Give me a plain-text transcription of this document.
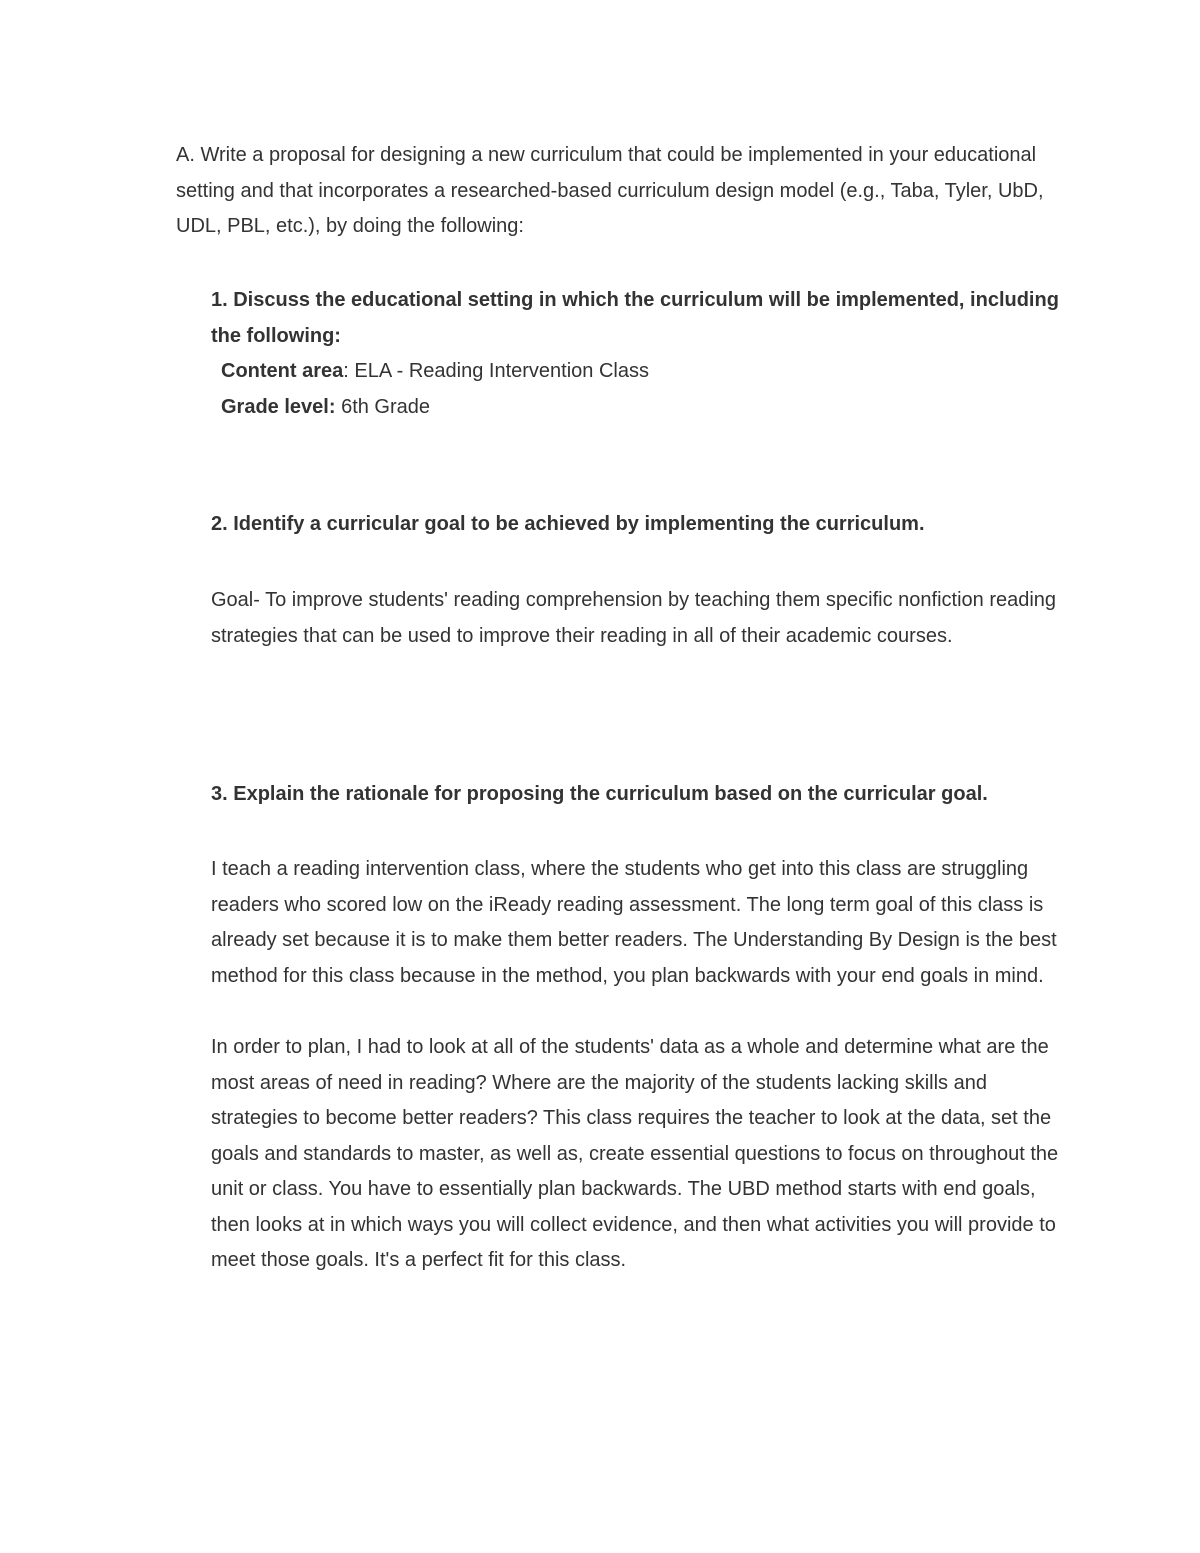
A. Write a proposal for designing a new curriculum that could be implemented in your educational setting and that incorporates a researched-based curriculum design model (e.g., Taba, Tyler, UbD, UDL, PBL, etc.), by doing the following:

1. Discuss the educational setting in which the curriculum will be implemented, including the following:

Content area: ELA - Reading Intervention Class

Grade level: 6th Grade

2. Identify a curricular goal to be achieved by implementing the curriculum.

Goal- To improve students' reading comprehension by teaching them specific nonfiction reading strategies that can be used to improve their reading in all of their academic courses.

3. Explain the rationale for proposing the curriculum based on the curricular goal.

I teach a reading intervention class, where the students who get into this class are struggling readers who scored low on the iReady reading assessment. The long term goal of this class is already set because it is to make them better readers. The Understanding By Design is the best method for this class because in the method, you plan backwards with your end goals in mind.

In order to plan, I had to look at all of the students' data as a whole and determine what are the most areas of need in reading? Where are the majority of the students lacking skills and strategies to become better readers? This class requires the teacher to look at the data, set the goals and standards to master, as well as, create essential questions to focus on throughout the unit or class. You have to essentially plan backwards. The UBD method starts with end goals, then looks at in which ways you will collect evidence, and then what activities you will provide to meet those goals. It's a perfect fit for this class.
